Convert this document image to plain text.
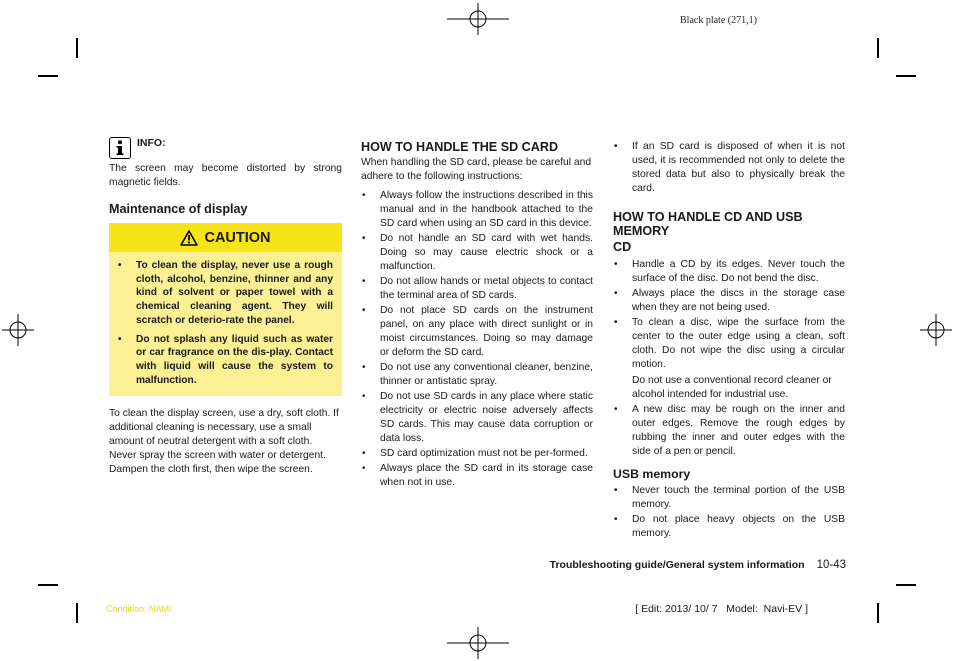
Black plate (271,1)
INFO:

The screen may become distorted by strong magnetic fields.

Maintenance of display

CAUTION
• To clean the display, never use a rough cloth, alcohol, benzine, thinner and any kind of solvent or paper towel with a chemical cleaning agent. They will scratch or deterio-rate the panel.
• Do not splash any liquid such as water or car fragrance on the dis-play. Contact with liquid will cause the system to malfunction.

To clean the display screen, use a dry, soft cloth. If additional cleaning is necessary, use a small amount of neutral detergent with a soft cloth. Never spray the screen with water or detergent. Dampen the cloth first, then wipe the screen.

HOW TO HANDLE THE SD CARD

When handling the SD card, please be careful and adhere to the following instructions:

• Always follow the instructions described in this manual and in the handbook attached to the SD card when using an SD card in this device.
• Do not handle an SD card with wet hands. Doing so may cause electric shock or a malfunction.
• Do not allow hands or metal objects to contact the terminal area of SD cards.
• Do not place SD cards on the instrument panel, on any place with direct sunlight or in moist circumstances. Doing so may damage or deform the SD card.
• Do not use any conventional cleaner, benzine, thinner or antistatic spray.
• Do not use SD cards in any place where static electricity or electric noise adversely affects SD cards. This may cause data corruption or data loss.
• SD card optimization must not be per-formed.
• Always place the SD card in its storage case when not in use.
• If an SD card is disposed of when it is not used, it is recommended not only to delete the stored data but also to physically break the card.

HOW TO HANDLE CD AND USB MEMORY

CD

• Handle a CD by its edges. Never touch the surface of the disc. Do not bend the disc.
• Always place the discs in the storage case when they are not being used.
• To clean a disc, wipe the surface from the center to the outer edge using a clean, soft cloth. Do not wipe the disc using a circular motion.

Do not use a conventional record cleaner or alcohol intended for industrial use.

• A new disc may be rough on the inner and outer edges. Remove the rough edges by rubbing the inner and outer edges with the side of a pen or pencil.

USB memory

• Never touch the terminal portion of the USB memory.
• Do not place heavy objects on the USB memory.
Troubleshooting guide/General system information 10-43
Condition: NAM/	[ Edit: 2013/ 10/ 7   Model:  Navi-EV ]
